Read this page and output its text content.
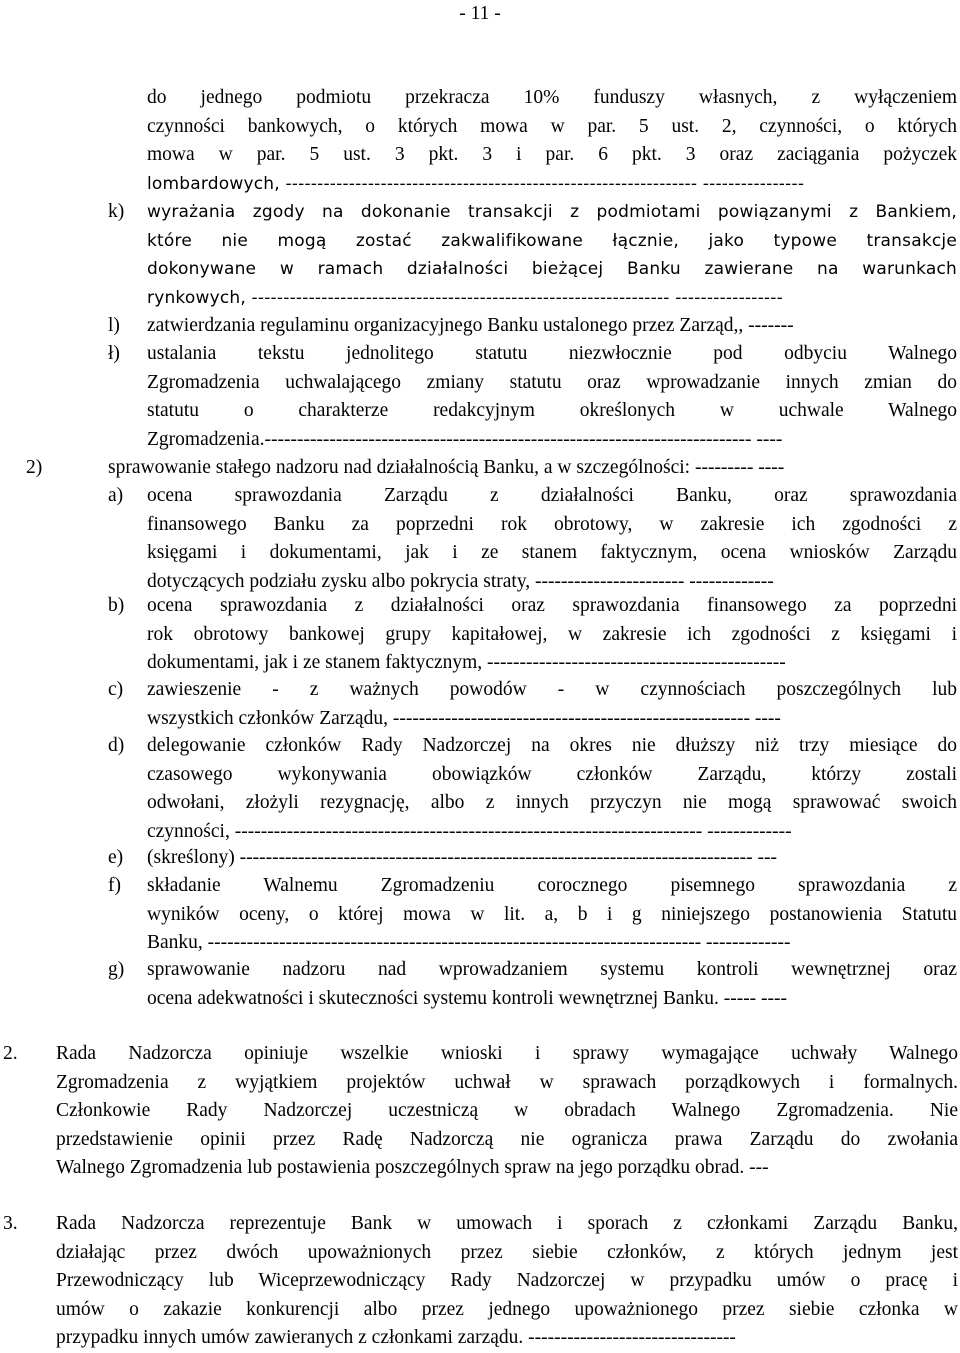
- 11 -
do jednego podmiotu przekracza 10% funduszy własnych, z wyłączeniem
czynności bankowych, o których mowa w par. 5 ust. 2, czynności, o których
mowa w par. 5 ust. 3 pkt. 3 i par. 6 pkt. 3 oraz zaciągania pożyczek
lombardowych, ----------------------------------------------------------------- ----------------
k) wyrażania zgody na dokonanie transakcji z podmiotami powiązanymi z Bankiem,
które nie mogą zostać zakwalifikowane łącznie, jako typowe transakcje
dokonywane w ramach działalności bieżącej Banku zawierane na warunkach
rynkowych, ------------------------------------------------------------------ -----------------
l) zatwierdzania regulaminu organizacyjnego Banku ustalonego przez Zarząd,, -------
ł) ustalania tekstu jednolitego statutu niezwłocznie pod odbyciu Walnego
Zgromadzenia uchwalającego zmiany statutu oraz wprowadzanie innych zmian do
statutu o charakterze redakcyjnym określonych w uchwale Walnego
Zgromadzenia.--------------------------------------------------------------------------- ----
2)	sprawowanie stałego nadzoru nad działalnością Banku, a w szczególności: --------- ----
a) ocena sprawozdania Zarządu z działalności Banku, oraz sprawozdania
finansowego Banku za poprzedni rok obrotowy, w zakresie ich zgodności z
księgami i dokumentami, jak i ze stanem faktycznym, ocena wniosków Zarządu
dotyczących podziału zysku albo pokrycia straty, ----------------------- -------------
b) ocena sprawozdania z działalności oraz sprawozdania finansowego za poprzedni
rok obrotowy bankowej grupy kapitałowej, w zakresie ich zgodności z księgami i
dokumentami, jak i ze stanem faktycznym, ----------------------------------------------
c) zawieszenie - z ważnych powodów - w czynnościach poszczególnych lub
wszystkich członków Zarządu, ------------------------------------------------------- ----
d) delegowanie członków Rady Nadzorczej na okres nie dłuższy niż trzy miesiące do
czasowego wykonywania obowiązków członków Zarządu, którzy zostali
odwołani, złożyli rezygnację, albo z innych przyczyn nie mogą sprawować swoich
czynności, ------------------------------------------------------------------------ -------------
e) (skreślony) ------------------------------------------------------------------------------- ---
f) składanie Walnemu Zgromadzeniu corocznego pisemnego sprawozdania z
wyników oceny, o której mowa w lit. a, b i g niniejszego postanowienia Statutu
Banku, ---------------------------------------------------------------------------- -------------
g) sprawowanie nadzoru nad wprowadzaniem systemu kontroli wewnętrznej oraz
ocena adekwatności i skuteczności systemu kontroli wewnętrznej Banku. ----- ----
2. Rada Nadzorcza opiniuje wszelkie wnioski i sprawy wymagające uchwały Walnego
Zgromadzenia z wyjątkiem projektów uchwał w sprawach porządkowych i formalnych.
Członkowie Rady Nadzorczej uczestniczą w obradach Walnego Zgromadzenia. Nie
przedstawienie opinii przez Radę Nadzorczą nie ogranicza prawa Zarządu do zwołania
Walnego Zgromadzenia lub postawienia poszczególnych spraw na jego porządku obrad. ---
3. Rada Nadzorcza reprezentuje Bank w umowach i sporach z członkami Zarządu Banku,
działając przez dwóch upoważnionych przez siebie członków, z których jednym jest
Przewodniczący lub Wiceprzewodniczący Rady Nadzorczej w przypadku umów o pracę i
umów o zakazie konkurencji albo przez jednego upoważnionego przez siebie członka w
przypadku innych umów zawieranych z członkami zarządu. --------------------------------
